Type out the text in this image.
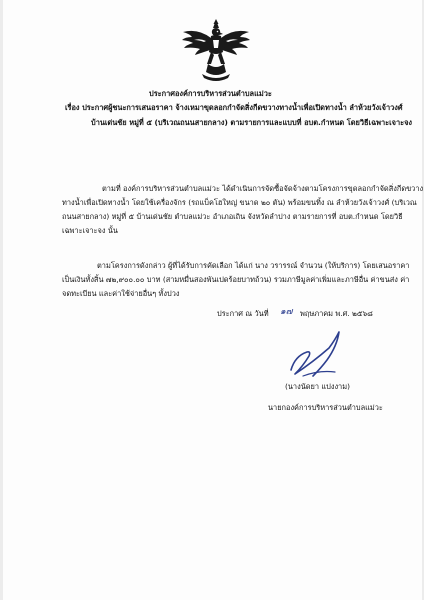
ประกาศองค์การบริหารส่วนตำบลแม่วะ
เรื่อง ประกาศผู้ชนะการเสนอราคา จ้างเหมาขุดลอกกำจัดสิ่งกีดขวางทางน้ำเพื่อเปิดทางน้ำ ลำห้วยวังเจ้าวงศ์
บ้านเด่นชัย หมู่ที่ ๕ (บริเวณถนนสายกลาง) ตามรายการและแบบที่ อบต.กำหนด โดยวิธีเฉพาะเจาะจง
ตามที่ องค์การบริหารส่วนตำบลแม่วะ ได้ดำเนินการจัดซื้อจัดจ้างตามโครงการขุดลอกกำจัดสิ่งกีดขวาง
ทางน้ำเพื่อเปิดทางน้ำ โดยใช้เครื่องจักร (รถแบ็คโฮใหญ่ ขนาด ๒๐ ตัน) พร้อมขนทิ้ง ณ ลำห้วยวังเจ้าวงศ์ (บริเวณ
ถนนสายกลาง) หมู่ที่ ๕ บ้านเด่นชัย ตำบลแม่วะ อำเภอเถิน จังหวัดลำปาง ตามรายการที่ อบต.กำหนด โดยวิธี
เฉพาะเจาะจง นั้น
ตามโครงการดังกล่าว ผู้ที่ได้รับการคัดเลือก ได้แก่ นาง วรารรณ์ จำนวน (ให้บริการ) โดยเสนอราคา
เป็นเงินทั้งสิ้น ๗๒,๙๐๐.๐๐ บาท (สามหมื่นสองพันเปดร้อยบาทถ้วน) รวมภาษีมูลค่าเพิ่มและภาษีอื่น ค่าขนส่ง ค่า
จดทะเบียน และค่าใช้จ่ายอื่นๆ ทั้งปวง
ประกาศ ณ วันที่ ๑๗ พฤษภาคม พ.ศ. ๒๕๖๘
(นางนัดยา แปงงาม)
นายกองค์การบริหารส่วนตำบลแม่วะ
